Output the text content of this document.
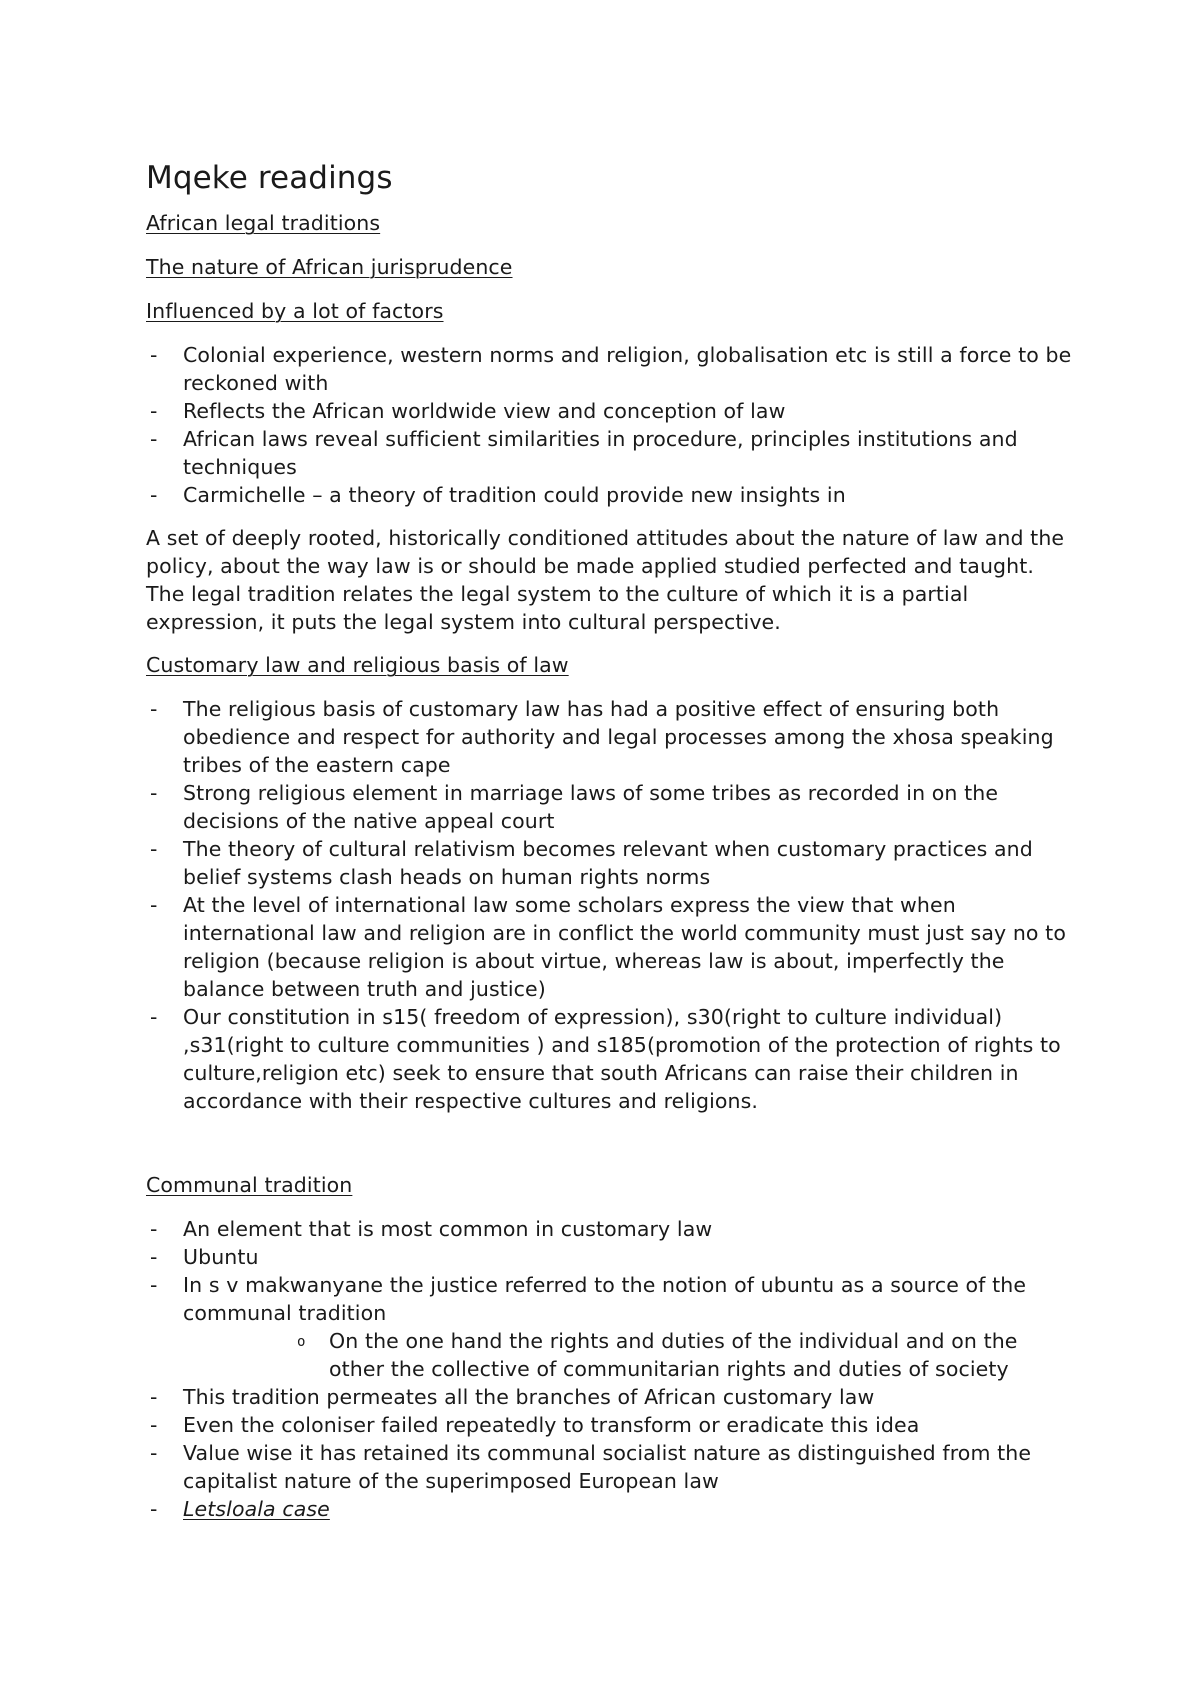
Mqeke readings
African legal traditions
The nature of African jurisprudence
Influenced by a lot of factors
- Colonial experience, western norms and religion, globalisation etc is still a force to be reckoned with
- Reflects the African worldwide view and conception of law
- African laws reveal sufficient similarities in procedure, principles institutions and techniques
- Carmichelle – a theory of tradition could provide new insights in
A set of deeply rooted, historically conditioned attitudes about the nature of law and the policy, about the way law is or should be made applied studied perfected and taught. The legal tradition relates the legal system to the culture of which it is a partial expression, it puts the legal system into cultural perspective.
Customary law and religious basis of law
- The religious basis of customary law has had a positive effect of ensuring both obedience and respect for authority and legal processes among the xhosa speaking tribes of the eastern cape
- Strong religious element in marriage laws of some tribes as recorded in on the decisions of the native appeal court
- The theory of cultural relativism becomes relevant when customary practices and belief systems clash heads on human rights norms
- At the level of international law some scholars express the view that when international law and religion are in conflict the world community must just say no to religion (because religion is about virtue, whereas law is about, imperfectly the balance between truth and justice)
- Our constitution in s15( freedom of expression), s30(right to culture individual) ,s31(right to culture communities ) and s185(promotion of the protection of rights to culture,religion etc) seek to ensure that south Africans can raise their children in accordance with their respective cultures and religions.
Communal tradition
- An element that is most common in customary law
- Ubuntu
- In s v makwanyane the justice referred to the notion of ubuntu as a source of the communal tradition
o On the one hand the rights and duties of the individual and on the other the collective of communitarian rights and duties of society
- This tradition permeates all the branches of African customary law
- Even the coloniser failed repeatedly to transform or eradicate this idea
- Value wise it has retained its communal socialist nature as distinguished from the capitalist nature of the superimposed European law
- Letsloala case
